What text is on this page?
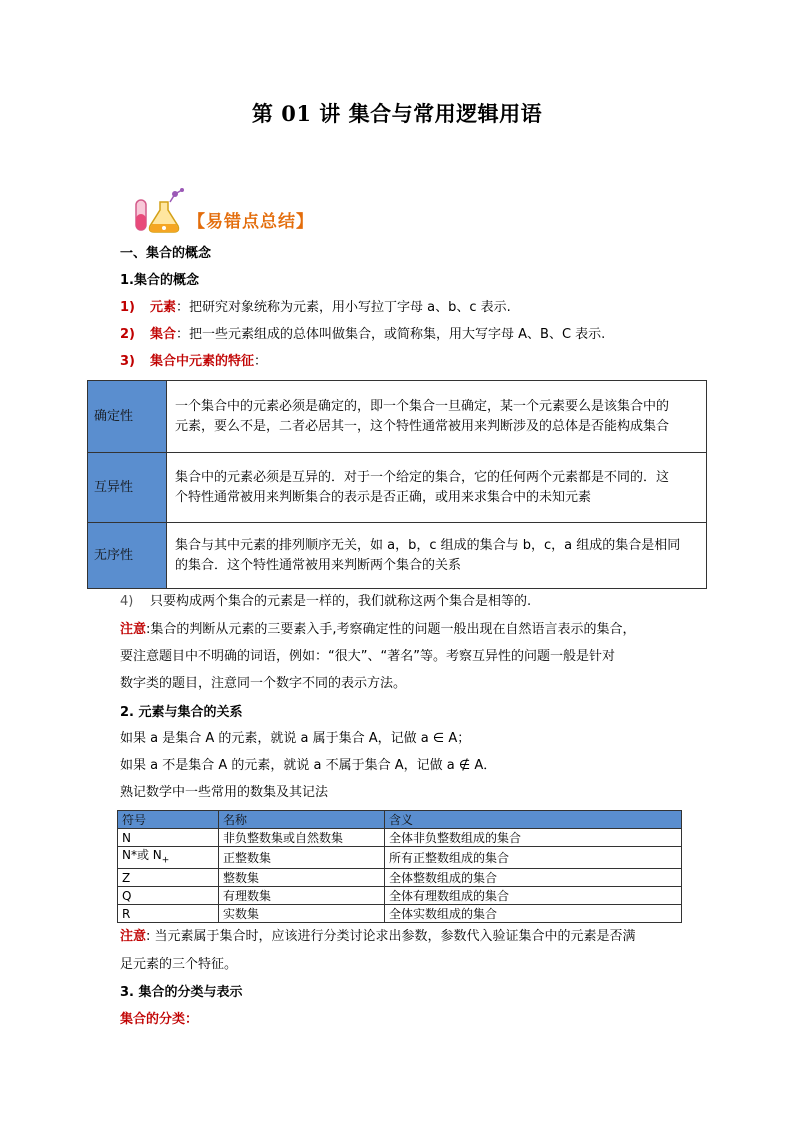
第 01 讲 集合与常用逻辑用语
【易错点总结】
一、集合的概念
1.集合的概念
1) 元素：把研究对象统称为元素，用小写拉丁字母 a、b、c 表示.
2) 集合：把一些元素组成的总体叫做集合，或简称集，用大写字母 A、B、C 表示.
3) 集合中元素的特征：
确定性	一个集合中的元素必须是确定的，即一个集合一旦确定，某一个元素要么是该集合中的
元素，要么不是，二者必居其一，这个特性通常被用来判断涉及的总体是否能构成集合

互异性	集合中的元素必须是互异的．对于一个给定的集合，它的任何两个元素都是不同的．这
个特性通常被用来判断集合的表示是否正确，或用来求集合中的未知元素

无序性	集合与其中元素的排列顺序无关，如 a，b，c 组成的集合与 b，c，a 组成的集合是相同
的集合．这个特性通常被用来判断两个集合的关系
4) 只要构成两个集合的元素是一样的，我们就称这两个集合是相等的.
注意:集合的判断从元素的三要素入手,考察确定性的问题一般出现在自然语言表示的集合，
要注意题目中不明确的词语，例如：“很大”、“著名”等。考察互异性的问题一般是针对
数字类的题目，注意同一个数字不同的表示方法。
2. 元素与集合的关系
如果 a 是集合 A 的元素，就说 a 属于集合 A，记做 a ∈ A；
如果 a 不是集合 A 的元素，就说 a 不属于集合 A，记做 a ∉ A．
熟记数学中一些常用的数集及其记法
符号	名称	含义
N	非负整数集或自然数集	全体非负整数组成的集合
N*或 $N_+$	正整数集	所有正整数组成的集合
Z	整数集	全体整数组成的集合
Q	有理数集	全体有理数组成的集合
R	实数集	全体实数组成的集合
注意: 当元素属于集合时，应该进行分类讨论求出参数，参数代入验证集合中的元素是否满
足元素的三个特征。
3. 集合的分类与表示
集合的分类：
